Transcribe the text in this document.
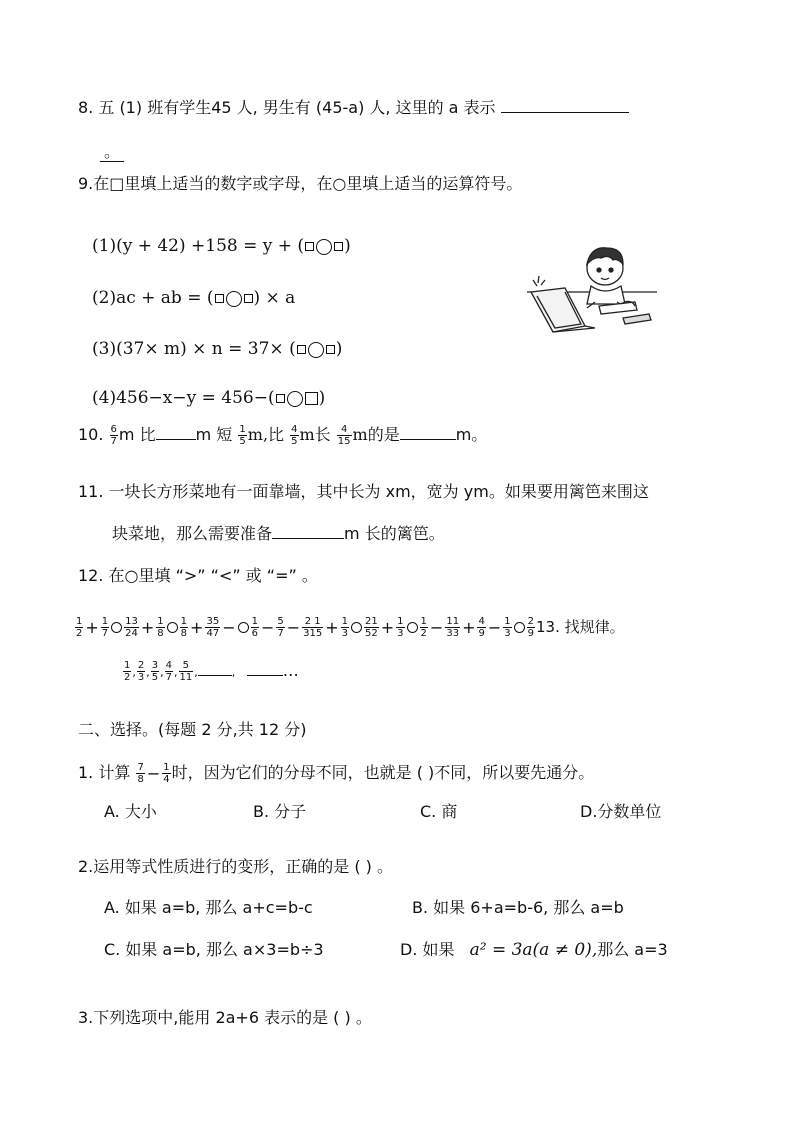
8. 五 (1) 班有学生45 人, 男生有 (45-a) 人, 这里的 a 表示
。
9.在□里填上适当的数字或字母，在○里填上适当的运算符号。
(1)(y + 42) +158 = y + ( )
(2)ac + ab = ( ) × a
(3)(37× m) × n = 37× ( )
(4)456−x−y = 456−(	)
10. $\frac{6}{7}$ m 比	m 短 $\frac{1}{5} m$,比 $\frac{4}{5}$ m长 $\frac{4}{15}$ m的是	m。
11. 一块长方形菜地有一面靠墙，其中长为 xm，宽为 ym。如果要用篱笆来围这
块菜地，那么需要准备	m 长的篱笆。
12. 在○里填 “>” “<” 或 “=” 。
$\frac{1}{2} + \frac{1}{7} \frac{13}{24} + \frac{1}{8} \frac{1}{8} + \frac{35}{47} - \frac{1}{6} - \frac{5}{7} - \frac{2 1}{315} + \frac{1}{3} \frac{21}{52} + \frac{1}{3} \frac{1}{2} - \frac{11}{33} + \frac{4}{9} - \frac{1}{3} \frac{2}{9} 13$. 找规律。
$\frac{1}{2}$ , $\frac{2}{3}$ , $\frac{3}{5}$ , $\frac{4}{7}$ , $\frac{5}{11}$ ,	,	…
二、选择。(每题 2 分,共 12 分)
1. 计算 $\frac{7}{8} - \frac{1}{4}$ 时，因为它们的分母不同，也就是 ( )不同，所以要先通分。
A. 大小	B. 分子	C. 商	D.分数单位
2.运用等式性质进行的变形，正确的是 ( ) 。
A. 如果 a=b, 那么 a+c=b-c	B. 如果 6+a=b-6, 那么 a=b
C. 如果 a=b, 那么 a×3=b÷3	D. 如果 a² = 3a(a ≠ 0),那么 a=3
3.下列选项中,能用 2a+6 表示的是 ( ) 。
